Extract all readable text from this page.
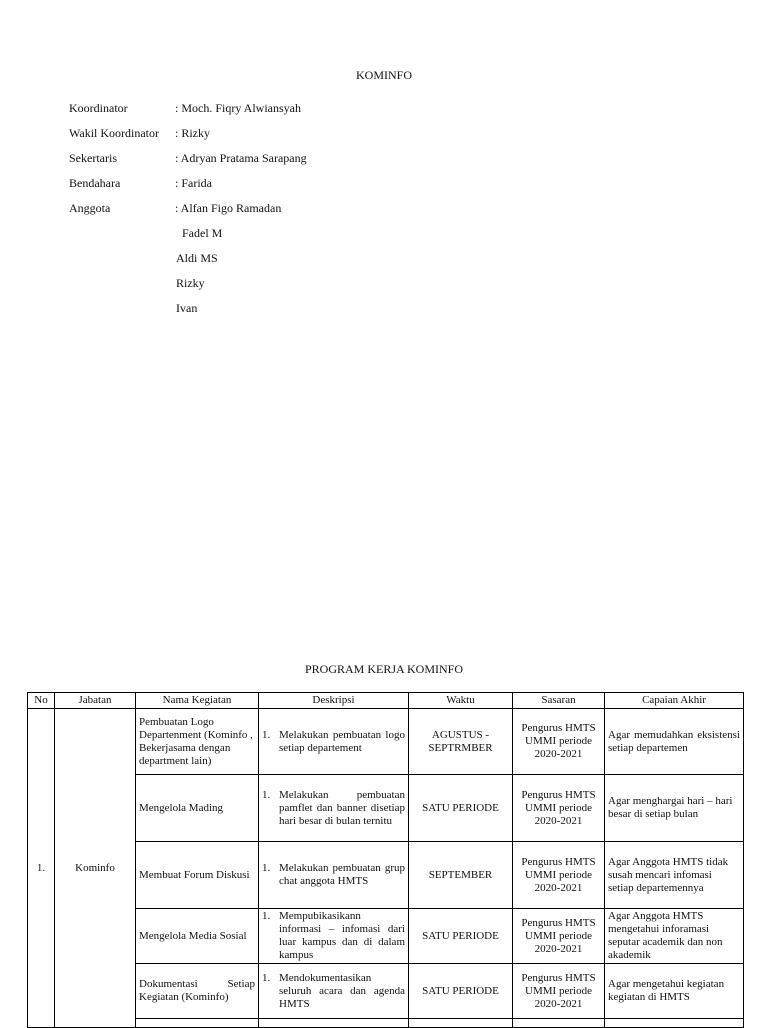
KOMINFO
Koordinator	: Moch. Fiqry Alwiansyah
Wakil Koordinator	: Rizky
Sekertaris	: Adryan Pratama Sarapang
Bendahara	: Farida
Anggota	: Alfan Figo Ramadan
Fadel M
Aldi MS
Rizky
Ivan
PROGRAM KERJA KOMINFO
No	Jabatan	Nama Kegiatan	Deskripsi	Waktu	Sasaran	Capaian Akhir
1.	Kominfo	Pembuatan Logo Departenment (Kominfo , Bekerjasama dengan department lain)	1. Melakukan pembuatan logo setiap departement	AGUSTUS - SEPTRMBER	Pengurus HMTS UMMI periode 2020-2021	Agar memudahkan eksistensi setiap departemen
		Mengelola Mading	1. Melakukan pembuatan pamflet dan banner disetiap hari besar di bulan ternitu	SATU PERIODE	Pengurus HMTS UMMI periode 2020-2021	Agar menghargai hari – hari besar di setiap bulan
		Membuat Forum Diskusi	1. Melakukan pembuatan grup chat anggota HMTS	SEPTEMBER	Pengurus HMTS UMMI periode 2020-2021	Agar Anggota HMTS tidak susah mencari infomasi setiap departemennya
		Mengelola Media Sosial	1. Mempubikasikann informasi – infomasi dari luar kampus dan di dalam kampus	SATU PERIODE	Pengurus HMTS UMMI periode 2020-2021	Agar Anggota HMTS mengetahui inforamasi seputar academik dan non akademik
		Dokumentasi Setiap Kegiatan (Kominfo)	1. Mendokumentasikan seluruh acara dan agenda HMTS	SATU PERIODE	Pengurus HMTS UMMI periode 2020-2021	Agar mengetahui kegiatan kegiatan di HMTS
